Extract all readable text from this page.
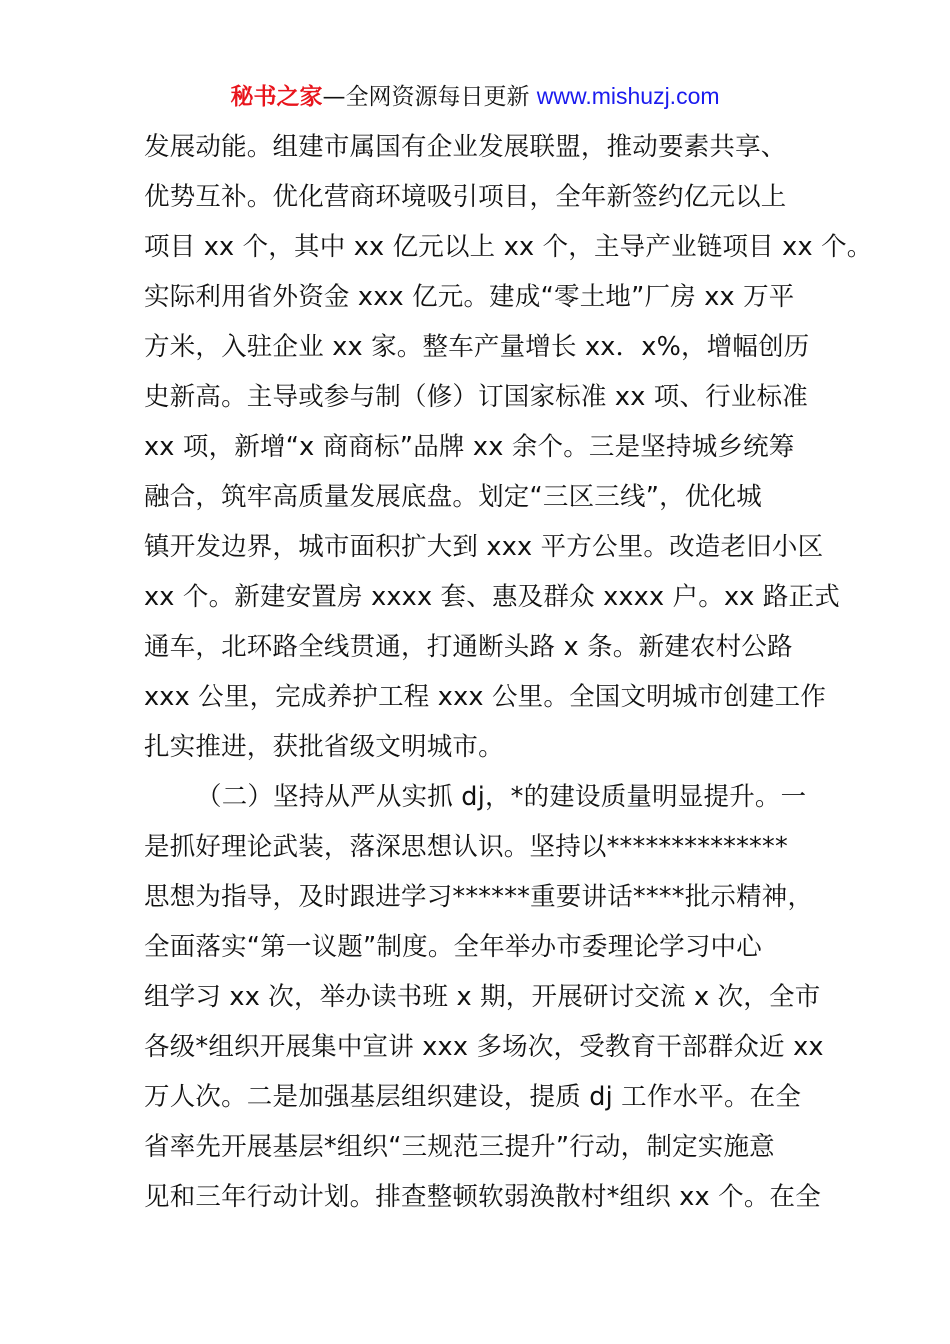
秘书之家—全网资源每日更新 www.mishuzj.com
发展动能。组建市属国有企业发展联盟，推动要素共享、
优势互补。优化营商环境吸引项目，全年新签约亿元以上
项目 xx 个，其中 xx 亿元以上 xx 个，主导产业链项目 xx 个。
实际利用省外资金 xxx 亿元。建成“零土地”厂房 xx 万平
方米，入驻企业 xx 家。整车产量增长 xx．x%，增幅创历
史新高。主导或参与制（修）订国家标准 xx 项、行业标准
xx 项，新增“x 商商标”品牌 xx 余个。三是坚持城乡统筹
融合，筑牢高质量发展底盘。划定“三区三线”，优化城
镇开发边界，城市面积扩大到 xxx 平方公里。改造老旧小区
xx 个。新建安置房 xxxx 套、惠及群众 xxxx 户。xx 路正式
通车，北环路全线贯通，打通断头路 x 条。新建农村公路
xxx 公里，完成养护工程 xxx 公里。全国文明城市创建工作
扎实推进，获批省级文明城市。
（二）坚持从严从实抓 dj，*的建设质量明显提升。一
是抓好理论武装，落深思想认识。坚持以**************
思想为指导，及时跟进学习******重要讲话****批示精神，
全面落实“第一议题”制度。全年举办市委理论学习中心
组学习 xx 次，举办读书班 x 期，开展研讨交流 x 次，全市
各级*组织开展集中宣讲 xxx 多场次，受教育干部群众近 xx
万人次。二是加强基层组织建设，提质 dj 工作水平。在全
省率先开展基层*组织“三规范三提升”行动，制定实施意
见和三年行动计划。排查整顿软弱涣散村*组织 xx 个。在全
